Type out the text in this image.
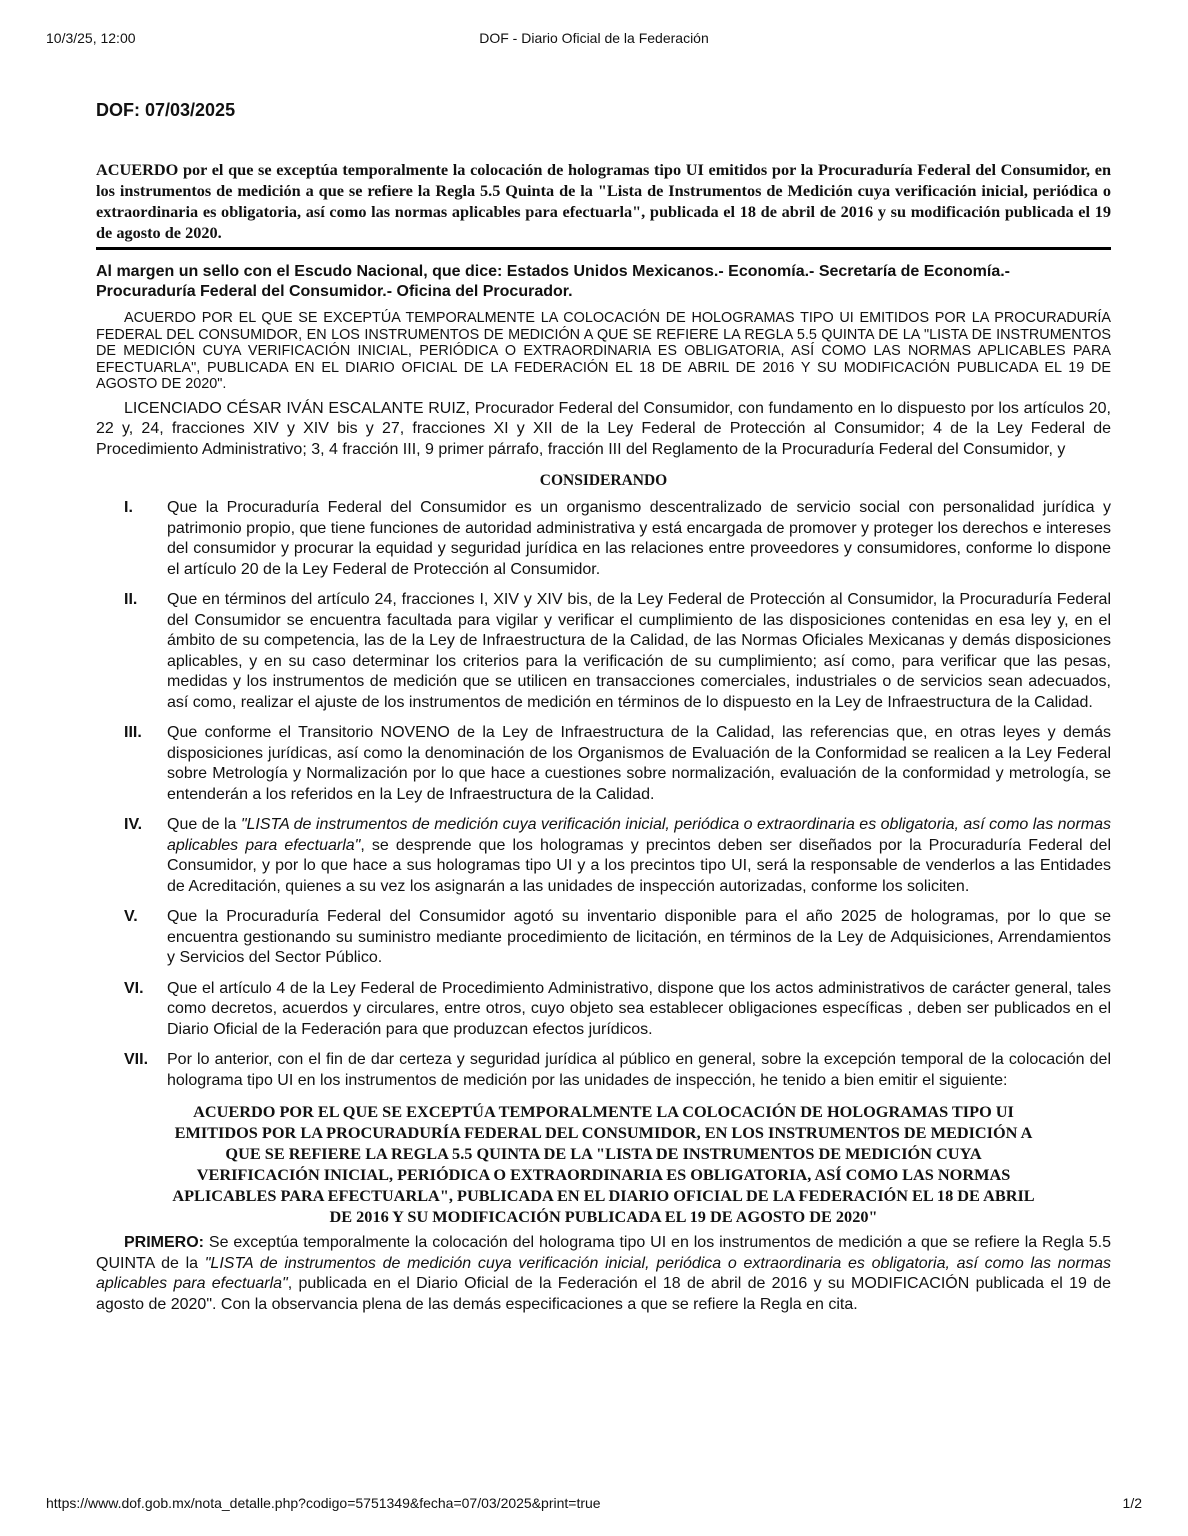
10/3/25, 12:00	DOF - Diario Oficial de la Federación
DOF: 07/03/2025

ACUERDO por el que se exceptúa temporalmente la colocación de hologramas tipo UI emitidos por la Procuraduría Federal del Consumidor, en los instrumentos de medición a que se refiere la Regla 5.5 Quinta de la "Lista de Instrumentos de Medición cuya verificación inicial, periódica o extraordinaria es obligatoria, así como las normas aplicables para efectuarla", publicada el 18 de abril de 2016 y su modificación publicada el 19 de agosto de 2020.

Al margen un sello con el Escudo Nacional, que dice: Estados Unidos Mexicanos.- Economía.- Secretaría de Economía.- Procuraduría Federal del Consumidor.- Oficina del Procurador.

ACUERDO POR EL QUE SE EXCEPTÚA TEMPORALMENTE LA COLOCACIÓN DE HOLOGRAMAS TIPO UI EMITIDOS POR LA PROCURADURÍA FEDERAL DEL CONSUMIDOR, EN LOS INSTRUMENTOS DE MEDICIÓN A QUE SE REFIERE LA REGLA 5.5 QUINTA DE LA "LISTA DE INSTRUMENTOS DE MEDICIÓN CUYA VERIFICACIÓN INICIAL, PERIÓDICA O EXTRAORDINARIA ES OBLIGATORIA, ASÍ COMO LAS NORMAS APLICABLES PARA EFECTUARLA", PUBLICADA EN EL DIARIO OFICIAL DE LA FEDERACIÓN EL 18 DE ABRIL DE 2016 Y SU MODIFICACIÓN PUBLICADA EL 19 DE AGOSTO DE 2020".

LICENCIADO CÉSAR IVÁN ESCALANTE RUIZ, Procurador Federal del Consumidor, con fundamento en lo dispuesto por los artículos 20, 22 y, 24, fracciones XIV y XIV bis y 27, fracciones XI y XII de la Ley Federal de Protección al Consumidor; 4 de la Ley Federal de Procedimiento Administrativo; 3, 4 fracción III, 9 primer párrafo, fracción III del Reglamento de la Procuraduría Federal del Consumidor, y

CONSIDERANDO
I. Que la Procuraduría Federal del Consumidor es un organismo descentralizado de servicio social con personalidad jurídica y patrimonio propio, que tiene funciones de autoridad administrativa y está encargada de promover y proteger los derechos e intereses del consumidor y procurar la equidad y seguridad jurídica en las relaciones entre proveedores y consumidores, conforme lo dispone el artículo 20 de la Ley Federal de Protección al Consumidor.
II. Que en términos del artículo 24, fracciones I, XIV y XIV bis, de la Ley Federal de Protección al Consumidor, la Procuraduría Federal del Consumidor se encuentra facultada para vigilar y verificar el cumplimiento de las disposiciones contenidas en esa ley y, en el ámbito de su competencia, las de la Ley de Infraestructura de la Calidad, de las Normas Oficiales Mexicanas y demás disposiciones aplicables, y en su caso determinar los criterios para la verificación de su cumplimiento; así como, para verificar que las pesas, medidas y los instrumentos de medición que se utilicen en transacciones comerciales, industriales o de servicios sean adecuados, así como, realizar el ajuste de los instrumentos de medición en términos de lo dispuesto en la Ley de Infraestructura de la Calidad.
III. Que conforme el Transitorio NOVENO de la Ley de Infraestructura de la Calidad, las referencias que, en otras leyes y demás disposiciones jurídicas, así como la denominación de los Organismos de Evaluación de la Conformidad se realicen a la Ley Federal sobre Metrología y Normalización por lo que hace a cuestiones sobre normalización, evaluación de la conformidad y metrología, se entenderán a los referidos en la Ley de Infraestructura de la Calidad.
IV. Que de la "LISTA de instrumentos de medición cuya verificación inicial, periódica o extraordinaria es obligatoria, así como las normas aplicables para efectuarla", se desprende que los hologramas y precintos deben ser diseñados por la Procuraduría Federal del Consumidor, y por lo que hace a sus hologramas tipo UI y a los precintos tipo UI, será la responsable de venderlos a las Entidades de Acreditación, quienes a su vez los asignarán a las unidades de inspección autorizadas, conforme los soliciten.
V. Que la Procuraduría Federal del Consumidor agotó su inventario disponible para el año 2025 de hologramas, por lo que se encuentra gestionando su suministro mediante procedimiento de licitación, en términos de la Ley de Adquisiciones, Arrendamientos y Servicios del Sector Público.
VI. Que el artículo 4 de la Ley Federal de Procedimiento Administrativo, dispone que los actos administrativos de carácter general, tales como decretos, acuerdos y circulares, entre otros, cuyo objeto sea establecer obligaciones específicas , deben ser publicados en el Diario Oficial de la Federación para que produzcan efectos jurídicos.
VII. Por lo anterior, con el fin de dar certeza y seguridad jurídica al público en general, sobre la excepción temporal de la colocación del holograma tipo UI en los instrumentos de medición por las unidades de inspección, he tenido a bien emitir el siguiente:
ACUERDO POR EL QUE SE EXCEPTÚA TEMPORALMENTE LA COLOCACIÓN DE HOLOGRAMAS TIPO UI EMITIDOS POR LA PROCURADURÍA FEDERAL DEL CONSUMIDOR, EN LOS INSTRUMENTOS DE MEDICIÓN A QUE SE REFIERE LA REGLA 5.5 QUINTA DE LA "LISTA DE INSTRUMENTOS DE MEDICIÓN CUYA VERIFICACIÓN INICIAL, PERIÓDICA O EXTRAORDINARIA ES OBLIGATORIA, ASÍ COMO LAS NORMAS APLICABLES PARA EFECTUARLA", PUBLICADA EN EL DIARIO OFICIAL DE LA FEDERACIÓN EL 18 DE ABRIL DE 2016 Y SU MODIFICACIÓN PUBLICADA EL 19 DE AGOSTO DE 2020"

PRIMERO: Se exceptúa temporalmente la colocación del holograma tipo UI en los instrumentos de medición a que se refiere la Regla 5.5 QUINTA de la "LISTA de instrumentos de medición cuya verificación inicial, periódica o extraordinaria es obligatoria, así como las normas aplicables para efectuarla", publicada en el Diario Oficial de la Federación el 18 de abril de 2016 y su MODIFICACIÓN publicada el 19 de agosto de 2020". Con la observancia plena de las demás especificaciones a que se refiere la Regla en cita.

https://www.dof.gob.mx/nota_detalle.php?codigo=5751349&fecha=07/03/2025&print=true	1/2
